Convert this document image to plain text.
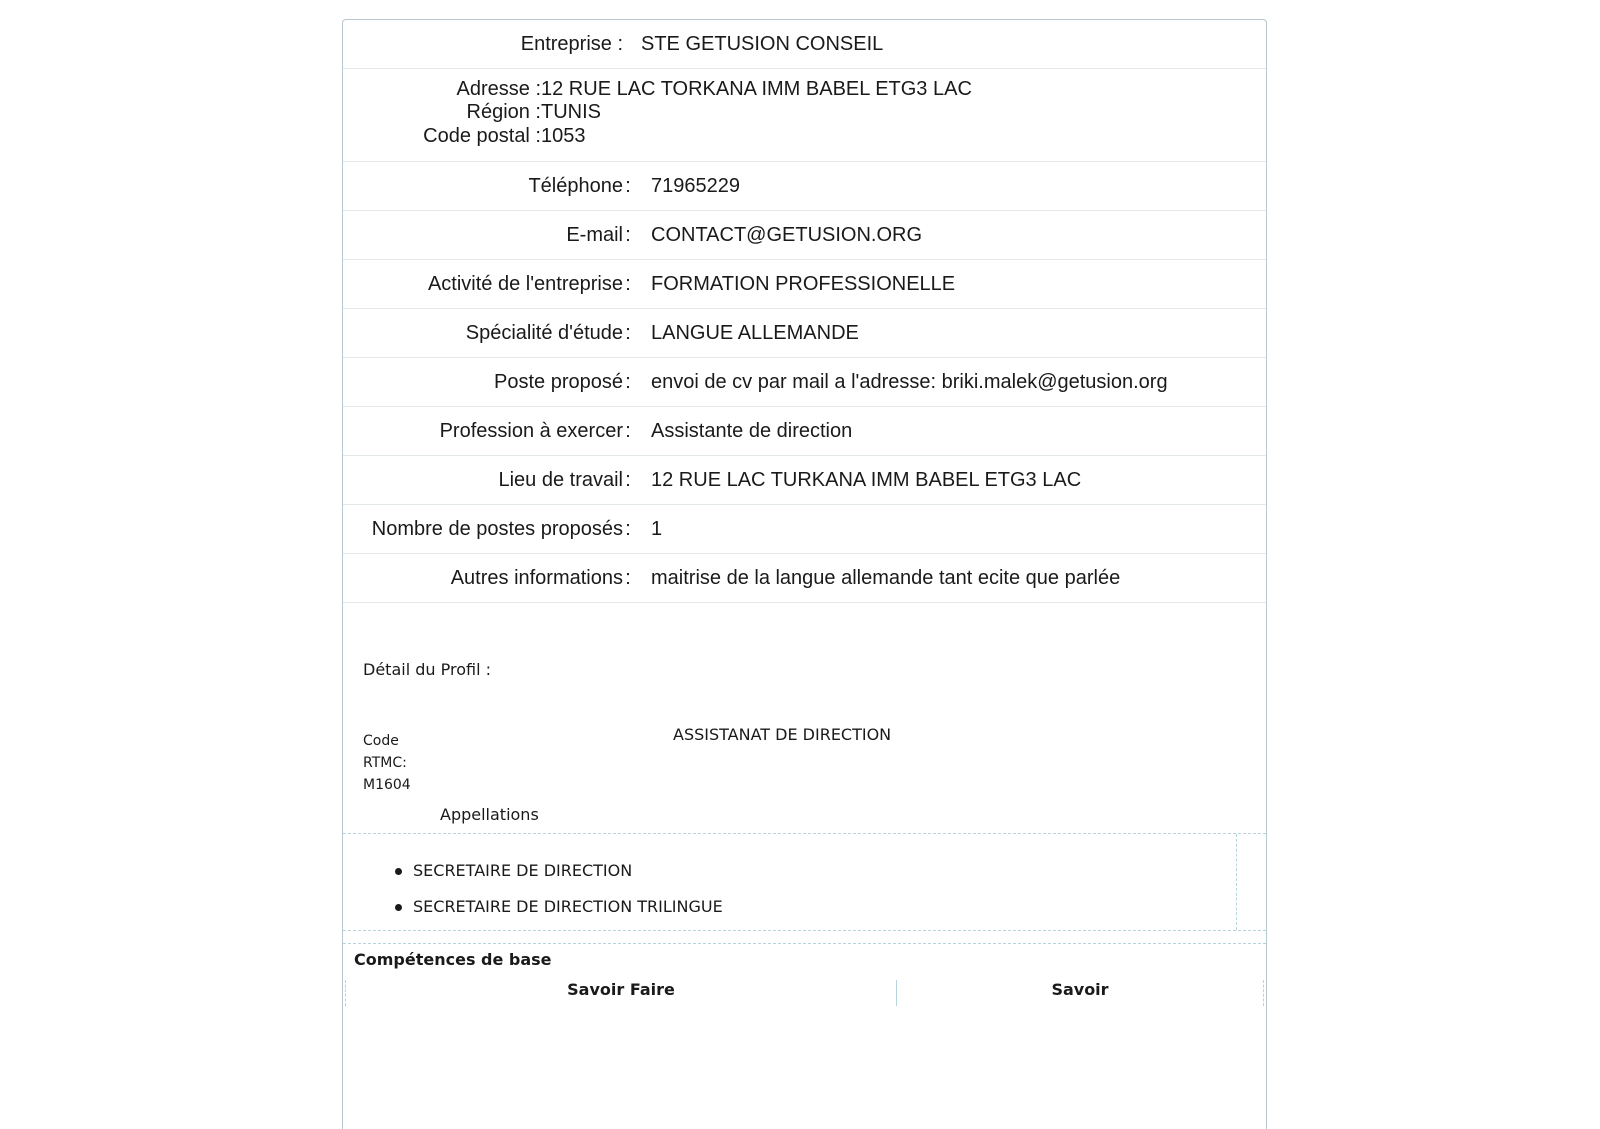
Entreprise : STE GETUSION CONSEIL
Adresse : 12 RUE LAC TORKANA IMM BABEL ETG3 LAC
Région : TUNIS
Code postal : 1053
Téléphone :	71965229
E-mail :	CONTACT@GETUSION.ORG
Activité de l'entreprise :	FORMATION PROFESSIONELLE
Spécialité d'étude :	LANGUE ALLEMANDE
Poste proposé :	envoi de cv par mail a l'adresse: briki.malek@getusion.org
Profession à exercer :	Assistante de direction
Lieu de travail :	12 RUE LAC TURKANA IMM BABEL ETG3 LAC
Nombre de postes proposés :	1
Autres informations :	maitrise de la langue allemande tant ecite que parlée
Détail du Profil :
Code
RTMC:
M1604
ASSISTANAT DE DIRECTION
Appellations
SECRETAIRE DE DIRECTION
SECRETAIRE DE DIRECTION TRILINGUE
Compétences de base
Savoir Faire	Savoir
